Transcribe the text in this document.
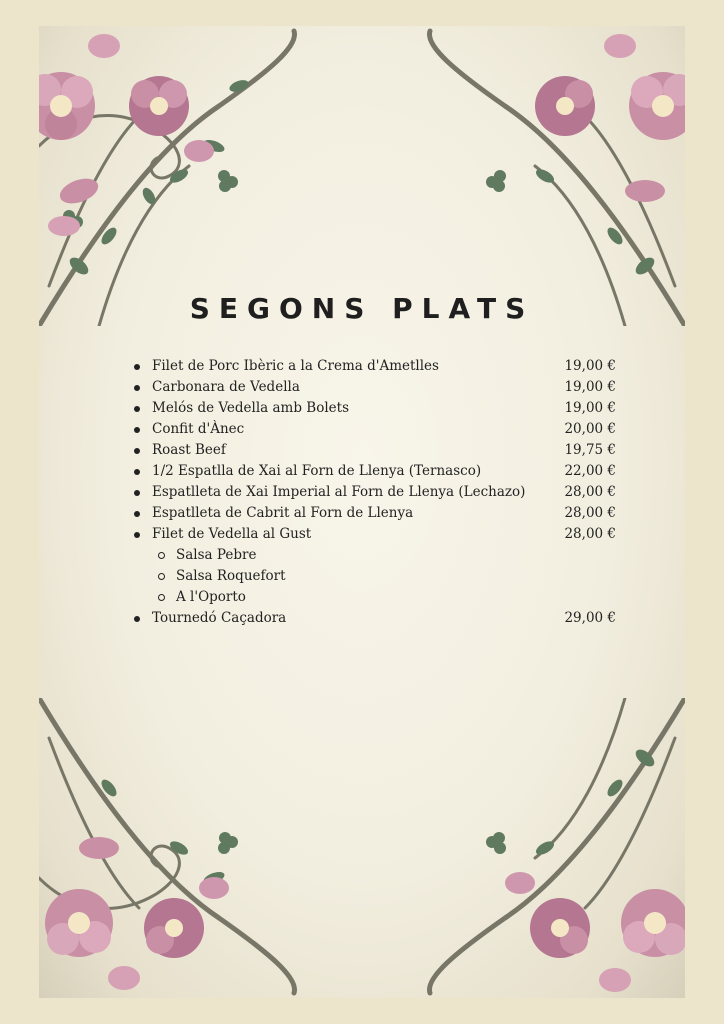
SEGONS PLATS
Filet de Porc Ibèric a la Crema d'Ametlles	19,00 €
Carbonara de Vedella	19,00 €
Melós de Vedella amb Bolets	19,00 €
Confit d'Ànec	20,00 €
Roast Beef	19,75 €
1/2 Espatlla de Xai al Forn de Llenya (Ternasco)	22,00 €
Espatlleta de Xai Imperial al Forn de Llenya (Lechazo)	28,00 €
Espatlleta de Cabrit al Forn de Llenya	28,00 €
Filet de Vedella al Gust	28,00 €
Salsa Pebre
Salsa Roquefort
A l'Oporto
Tournedó Caçadora	29,00 €
